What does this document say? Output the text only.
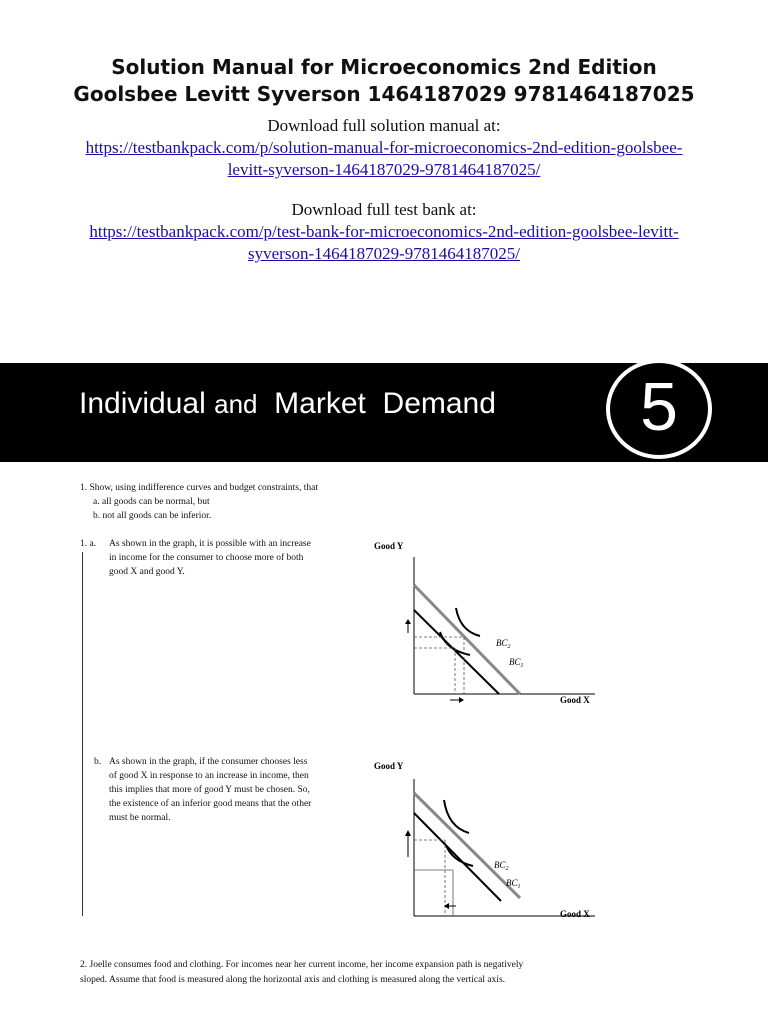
Solution Manual for Microeconomics 2nd Edition
Goolsbee Levitt Syverson 1464187029 9781464187025
Download full solution manual at:
https://testbankpack.com/p/solution-manual-for-microeconomics-2nd-edition-goolsbee-
levitt-syverson-1464187029-9781464187025/
Download full test bank at:
https://testbankpack.com/p/test-bank-for-microeconomics-2nd-edition-goolsbee-levitt-
syverson-1464187029-9781464187025/
Individual and Market  Demand	5
1. Show, using indifference curves and budget constraints, that
a. all goods can be normal, but
b. not all goods can be inferior.
1. a. As shown in the graph, it is possible with an increase
in income for the consumer to choose more of both
good X and good Y.
b. As shown in the graph, if the consumer chooses less
of good X in response to an increase in income, then
this implies that more of good Y must be chosen. So,
the existence of an inferior good means that the other
must be normal.
Good Y
$BC_2$
$BC_1$
Good X
Good Y
$BC_2$
$BC_1$
Good X
2. Joelle consumes food and clothing. For incomes near her current income, her income expansion path is negatively
sloped. Assume that food is measured along the horizontal axis and clothing is measured along the vertical axis.
